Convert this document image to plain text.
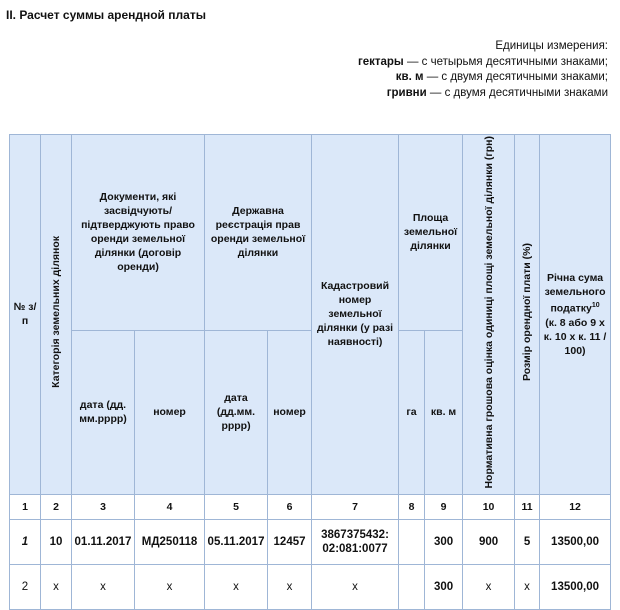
II. Расчет суммы арендной платы
Единицы измерения:
гектары — с четырьмя десятичными знаками;
кв. м — с двумя десятичными знаками;
гривни — с двумя десятичными знаками
№ з/п	Категорія земельних ділянок	Документи, які засвідчують/ підтверджують право оренди земельної ділянки (договір оренди)		Державна реєстрація прав оренди земельної ділянки		Кадастровий номер земельної ділянки (у разі наявності)	Площа земельної ділянки		Нормативна грошова оцінка одиниці площі земельної ділянки (грн)	Розмір орендної плати (%)	Річна сума земельного податку$^{10}$
(к. 8 або 9 х к. 10 х к. 11 / 100)
		дата (дд. мм.рррр)	номер	дата (дд.мм. рррр)	номер		га	кв. м			
1	2	3	4	5	6	7	8	9	10	11	12
1	10	01.11.2017	МД250118	05.11.2017	12457	3867375432: 02:081:0077		300	900	5	13500,00
2	х	х	х	х	х	х		300	х	х	13500,00
